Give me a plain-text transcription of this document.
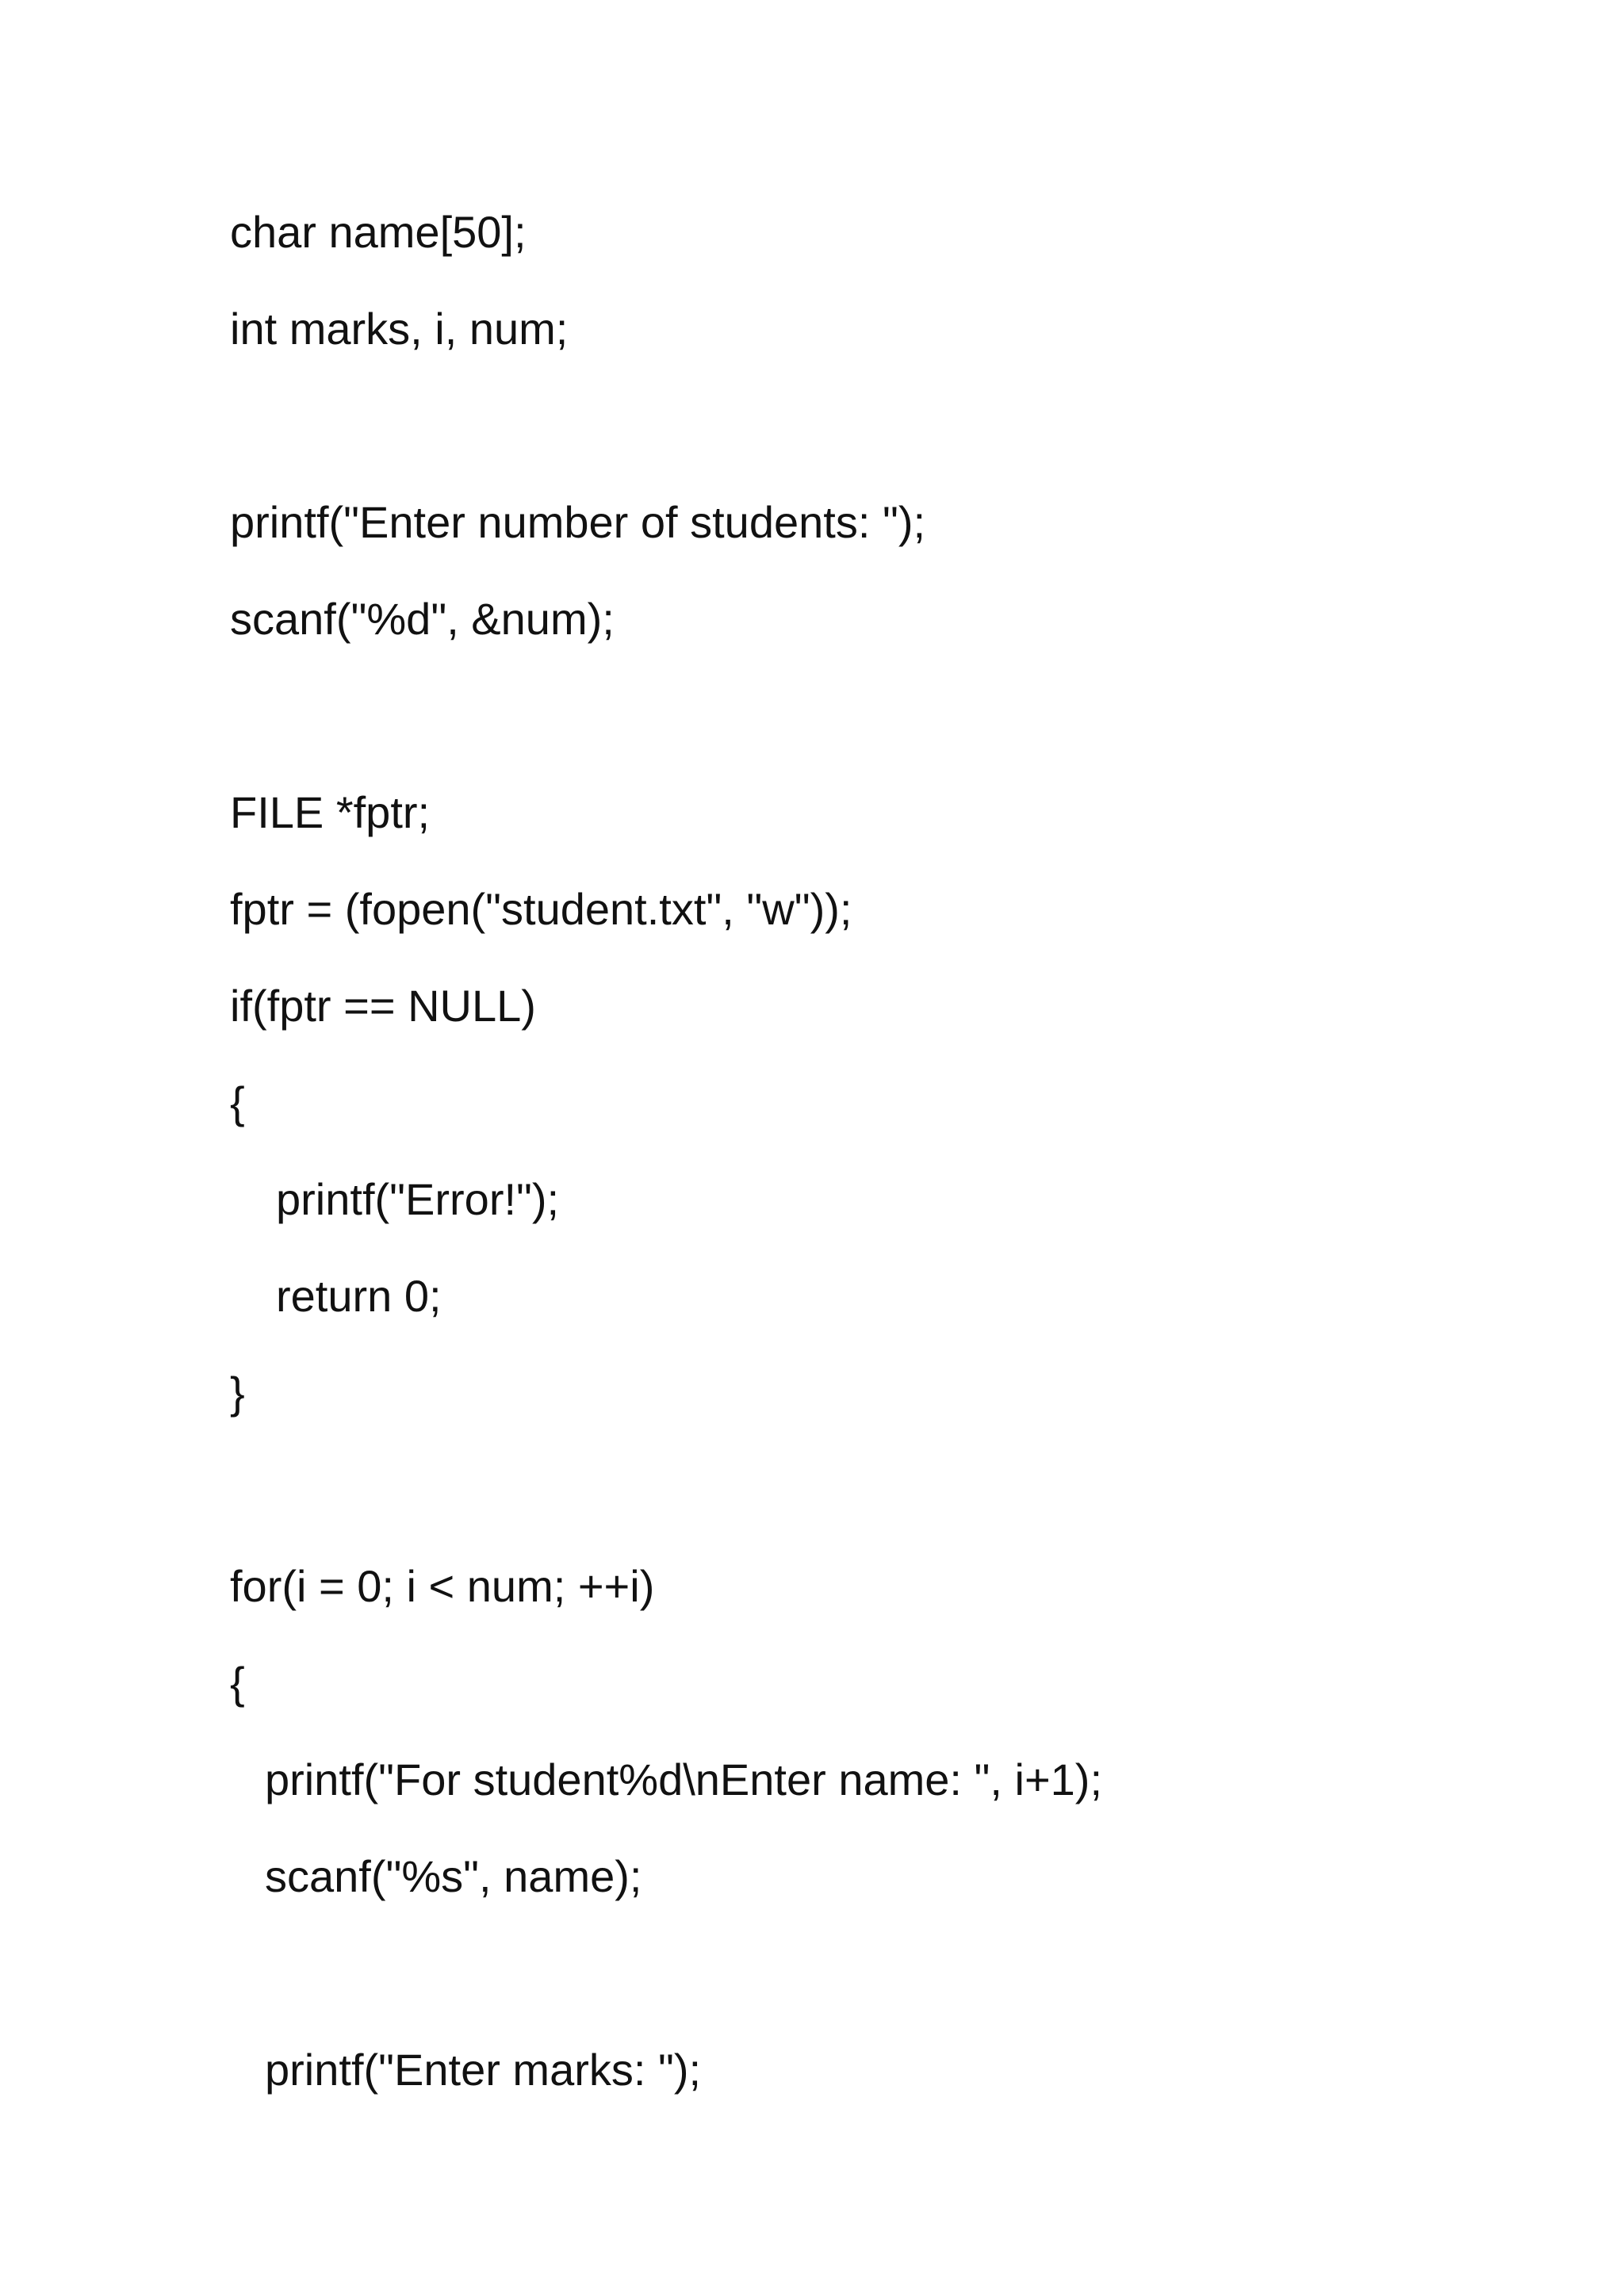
char name[50];
int marks, i, num;
printf("Enter number of students: ");
scanf("%d", &num);
FILE *fptr;
fptr = (fopen("student.txt", "w"));
if(fptr == NULL)
{
printf("Error!");
return 0;
}
for(i = 0; i < num; ++i)
{
printf("For student%d\nEnter name: ", i+1);
scanf("%s", name);
printf("Enter marks: ");
